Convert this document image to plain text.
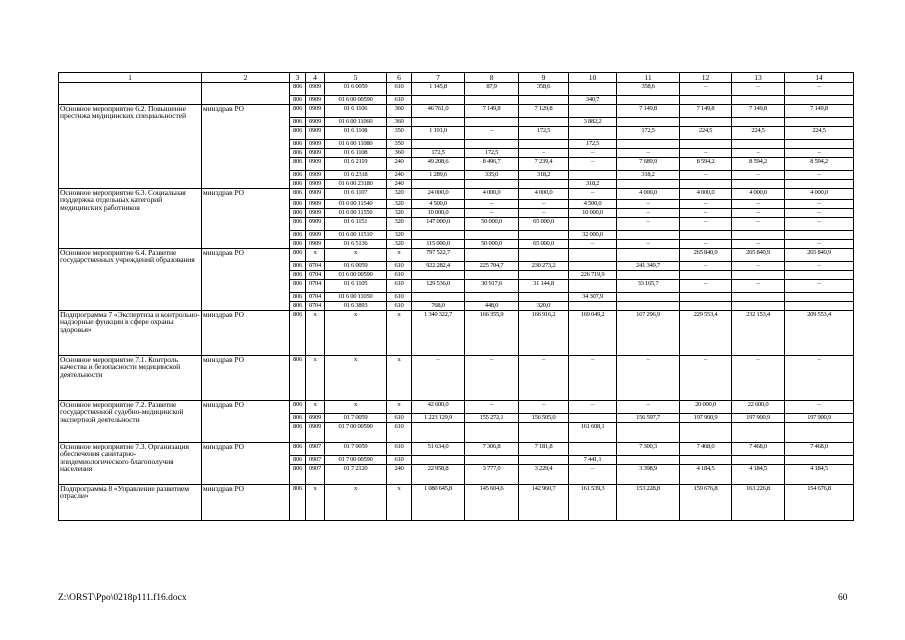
1	2	3	4	5	6	7	8	9	10	11	12	13	14
		806	0909	01 6 0059	610	1 145,8	87,9	358,6		358,6	–	–	–
		806	0909	01 6 00 00590	610				340,7				
Основное мероприятие 6.2. Повышение престижа медицинских специальностей	минздрав РО	806	0909	01 6 1106	360	46 761,0	7 149,8	7 129,8		7 149,8	7 149,8	7 149,8	7 149,8
		806	0909	01 6 00 11060	360				3 882,2				
		806	0909	01 6 1108	350	1 191,0	–	172,5		172,5	224,5	224,5	224,5
		806	0909	01 6 00 11080	350				172,5				
		806	0909	01 6 1108	360	172,5	172,5	–	–	–	–	–	–
		806	0909	01 6 2119	240	49 208,6	8 496,7	7 239,4	–	7 689,9	8 594,2	8 594,2	8 594,2
		806	0909	01 6 2318	240	1 289,6	335,0	318,2		318,2	–	–	–
		806	0909	01 6 00 23180	240				318,2				
Основное мероприятие 6.3. Социальная поддержка отдельных категорий медицинских работников	минздрав РО	806	0909	01 6 1107	320	24 000,0	4 000,0	4 000,0	–	4 000,0	4 000,0	4 000,0	4 000,0
		806	0909	01 6 00 11540	320	4 500,0	–	–	4 500,0	–	–	–	–
		806	0909	01 6 00 11550	320	10 000,0	–	–	10 000,0	–	–	–	–
		806	0909	01 6 1151	320	147 000,0	50 000,0	65 000,0		–	–	–	–
		806	0909	01 6 00 11510	320				32 000,0				
		806	0909	01 6 5136	320	115 000,0	50 000,0	65 000,0	–	–	–	–	–
Основное мероприятие 6.4. Развитие государственных учреждений образования	минздрав РО	806	х	х	х	797 522,7					265 840,9	265 840,9	265 840,9
		806	0704	01 6 0059	610	922 282,4	225 704,7	230 273,2		241 349,7	–	–	–
		806	0704	01 6 00 00590	610				226 719,9				
		806	0704	01 6 1105	610	129 536,0	30 917,6	31 144,8		33 165,7	–	–	–
		806	0704	01 6 00 11050	610				34 307,9				
		806	0704	01 6 3893	610	768,0	448,0	320,0					
Подпрограмма 7 «Экспертиза и контрольно-надзорные функции в сфере охраны здоровья»	минздрав РО	806	х	х	х	1 340 322,7	166 355,9	166 916,2	169 049,2	167 296,9	229 553,4	232 153,4	209 553,4
Основное мероприятие 7.1. Контроль качества и безопасности медицинской деятельности	минздрав РО	806	х	х	х	–	–	–	–	–	–	–	–
Основное мероприятие 7.2. Развитие государственной судебно-медицинской экспертной деятельности	минздрав РО	806	х	х	х	42 600,0	–	–	–	–	20 000,0	22 600,0	–
		806	0909	01 7 0059	610	1 223 129,9	155 272,1	156 505,0		156 597,7	197 900,9	197 900,9	197 900,9
		806	0909	01 7 00 00590	610				161 608,1				
Основное мероприятие 7.3. Организация обеспечения санитарно-эпидемиологического благополучия населения	минздрав РО	806	0907	01 7 0059	610	51 634,0	7 306,8	7 181,8		7 300,3	7 468,0	7 468,0	7 468,0
		806	0907	01 7 00 00590	610				7 441,1				
		806	0907	01 7 2120	240	22 958,8	3 777,0	3 229,4	–	3 398,9	4 184,5	4 184,5	4 184,5
Подпрограмма 8 «Управление развитием отрасли»	минздрав РО	806	х	х	х	1 080 645,8	145 604,6	142 960,7	161 539,3	153 228,8	159 676,8	163 226,8	154 676,8
Z:\ORST\Ppo\0218p111.f16.docx	60
